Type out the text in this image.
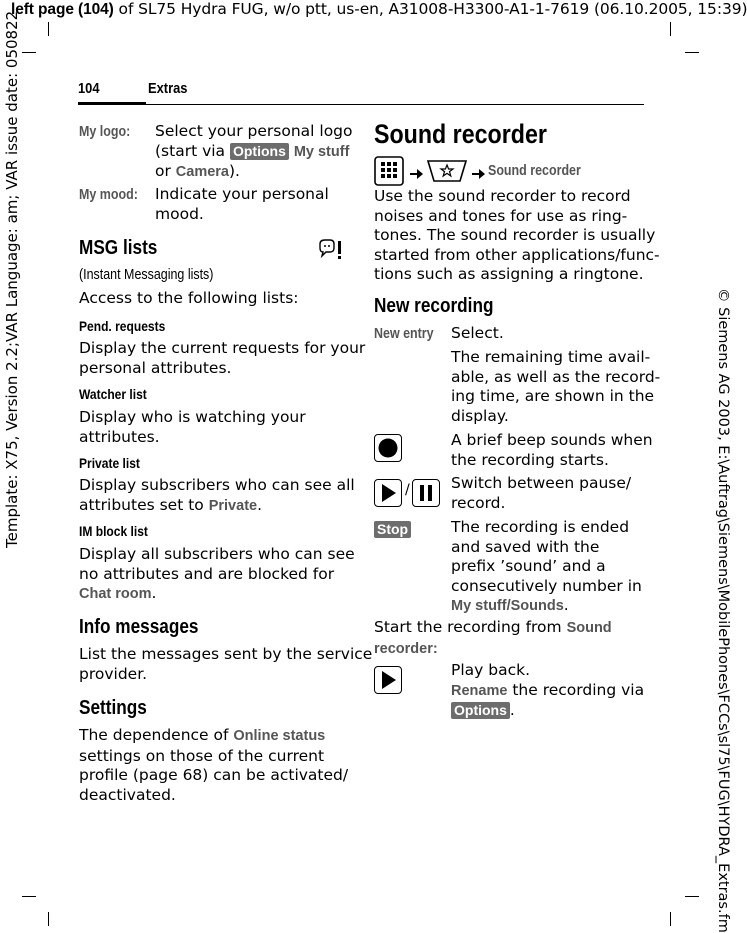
left page (104) of SL75 Hydra FUG, w/o ptt, us-en, A31008-H3300-A1-1-7619 (06.10.2005, 15:39)
Template: X75, Version 2.2;VAR Language: am; VAR issue date: 050822
© Siemens AG 2003, E:\Auftrag\Siemens\MobilePhones\FCCs\sl75\FUG\HYDRA_Extras.fm
104	Extras
My logo: Select your personal logo
(start via Options My stuff
or Camera).
My mood: Indicate your personal
mood.
MSG lists
(Instant Messaging lists)
Access to the following lists:
Pend. requests
Display the current requests for your
personal attributes.
Watcher list
Display who is watching your
attributes.
Private list
Display subscribers who can see all
attributes set to Private.
IM block list
Display all subscribers who can see
no attributes and are blocked for
Chat room.
Info messages
List the messages sent by the service
provider.
Settings
The dependence of Online status
settings on those of the current
profile (page 68) can be activated/
deactivated.
Sound recorder
Sound recorder
Use the sound recorder to record
noises and tones for use as ring-
tones. The sound recorder is usually
started from other applications/func-
tions such as assigning a ringtone.
New recording
New entry Select.
The remaining time avail-
able, as well as the record-
ing time, are shown in the
display.
A brief beep sounds when
the recording starts.
/	Switch between pause/
record.
Stop	The recording is ended
and saved with the
prefix ’sound’ and a
consecutively number in
My stuff/Sounds.
Start the recording from Sound
recorder:
Play back.
Rename the recording via
Options .
